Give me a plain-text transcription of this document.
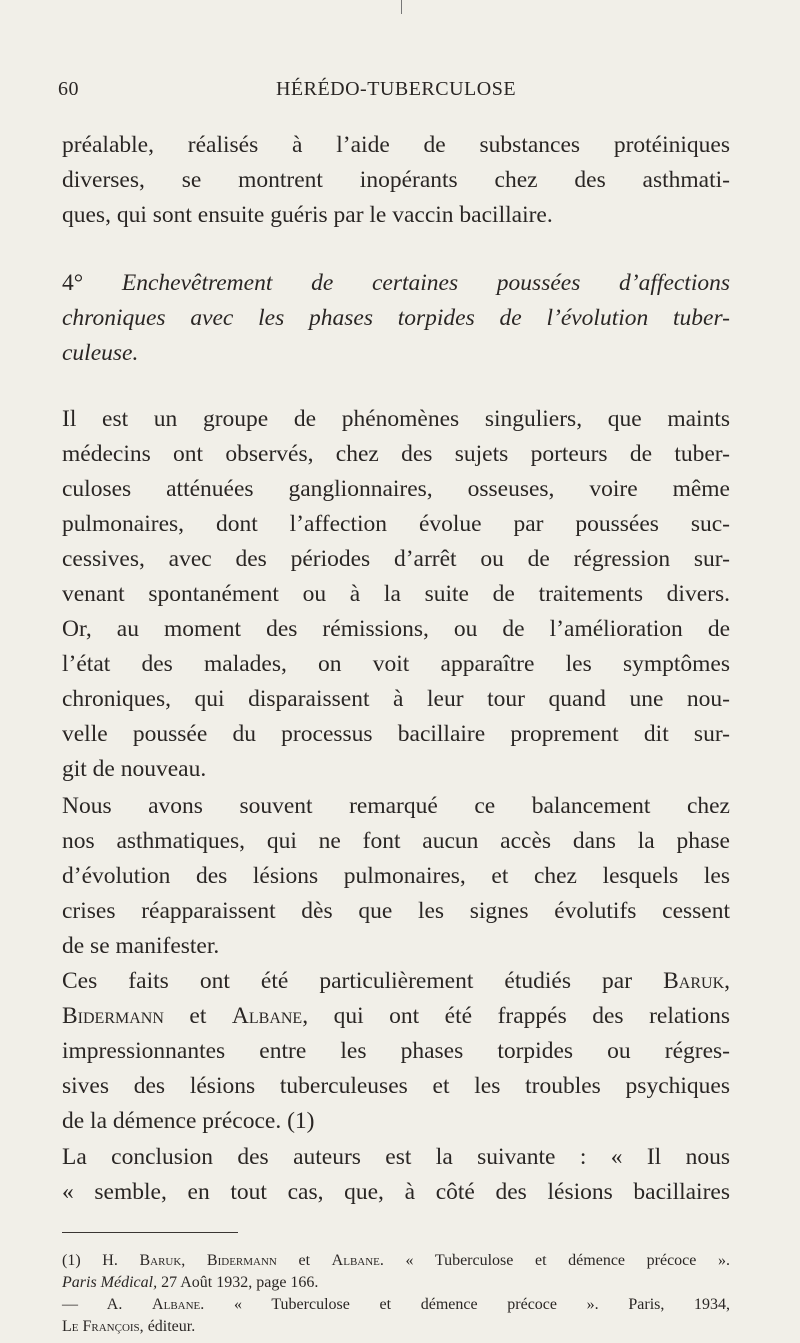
60	HÉRÉDO-TUBERCULOSE
préalable, réalisés à l’aide de substances protéiniques
diverses, se montrent inopérants chez des asthmati-
ques, qui sont ensuite guéris par le vaccin bacillaire.
4° Enchevêtrement de certaines poussées d’affections
chroniques avec les phases torpides de l’évolution tuber-
culeuse.
Il est un groupe de phénomènes singuliers, que maints
médecins ont observés, chez des sujets porteurs de tuber-
culoses atténuées ganglionnaires, osseuses, voire même
pulmonaires, dont l’affection évolue par poussées suc-
cessives, avec des périodes d’arrêt ou de régression sur-
venant spontanément ou à la suite de traitements divers.
Or, au moment des rémissions, ou de l’amélioration de
l’état des malades, on voit apparaître les symptômes
chroniques, qui disparaissent à leur tour quand une nou-
velle poussée du processus bacillaire proprement dit sur-
git de nouveau.
Nous avons souvent remarqué ce balancement chez
nos asthmatiques, qui ne font aucun accès dans la phase
d’évolution des lésions pulmonaires, et chez lesquels les
crises réapparaissent dès que les signes évolutifs cessent
de se manifester.
Ces faits ont été particulièrement étudiés par Baruk,
Bidermann et Albane, qui ont été frappés des relations
impressionnantes entre les phases torpides ou régres-
sives des lésions tuberculeuses et les troubles psychiques
de la démence précoce. (1)
La conclusion des auteurs est la suivante : « Il nous
« semble, en tout cas, que, à côté des lésions bacillaires
(1) H. Baruk, Bidermann et Albane. « Tuberculose et démence précoce ».
Paris Médical, 27 Août 1932, page 166.
— A. Albane. « Tuberculose et démence précoce ». Paris, 1934,
Le François, éditeur.
